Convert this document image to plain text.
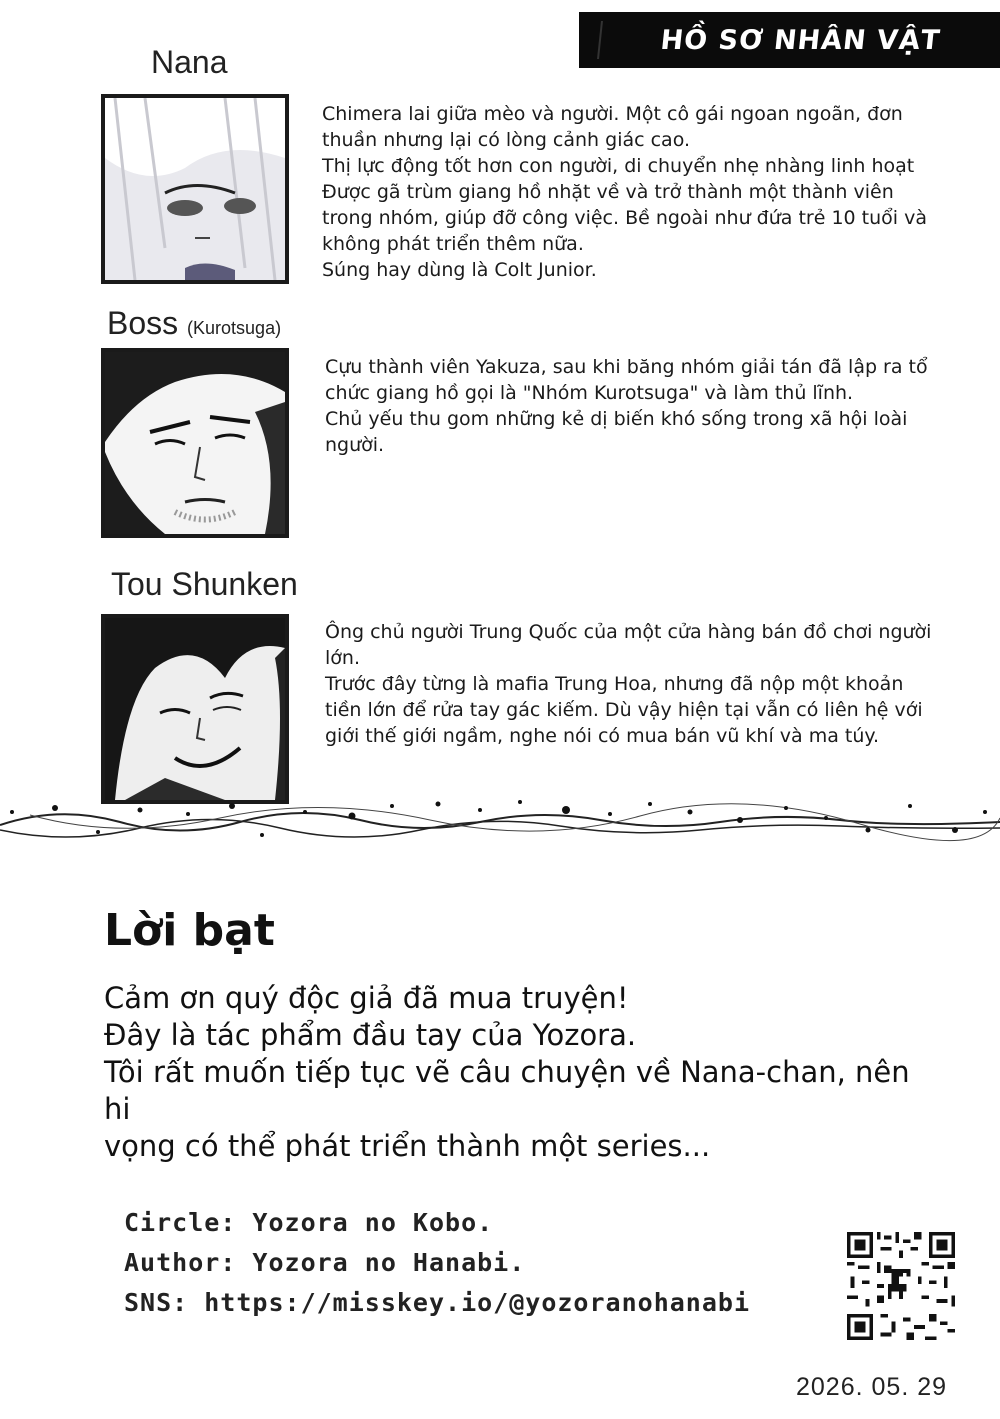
HỒ SƠ NHÂN VẬT
Nana
Chimera lai giữa mèo và người. Một cô gái ngoan ngoãn, đơn
thuần nhưng lại có lòng cảnh giác cao.
Thị lực động tốt hơn con người, di chuyển nhẹ nhàng linh hoạt
Được gã trùm giang hồ nhặt về và trở thành một thành viên
trong nhóm, giúp đỡ công việc. Bề ngoài như đứa trẻ 10 tuổi và
không phát triển thêm nữa.
Súng hay dùng là Colt Junior.
Boss (Kurotsuga)
Cựu thành viên Yakuza, sau khi băng nhóm giải tán đã lập ra tổ
chức giang hồ gọi là "Nhóm Kurotsuga" và làm thủ lĩnh.
Chủ yếu thu gom những kẻ dị biến khó sống trong xã hội loài
người.
Tou Shunken
Ông chủ người Trung Quốc của một cửa hàng bán đồ chơi người
lớn.
Trước đây từng là mafia Trung Hoa, nhưng đã nộp một khoản
tiền lớn để rửa tay gác kiếm. Dù vậy hiện tại vẫn có liên hệ với
giới thế giới ngầm, nghe nói có mua bán vũ khí và ma túy.
Lời bạt
Cảm ơn quý độc giả đã mua truyện!
Đây là tác phẩm đầu tay của Yozora.
Tôi rất muốn tiếp tục vẽ câu chuyện về Nana-chan, nên hi
vọng có thể phát triển thành một series...
Circle: Yozora no Kobo.
Author: Yozora no Hanabi.
SNS: https://misskey.io/@yozoranohanabi
2026. 05. 29
